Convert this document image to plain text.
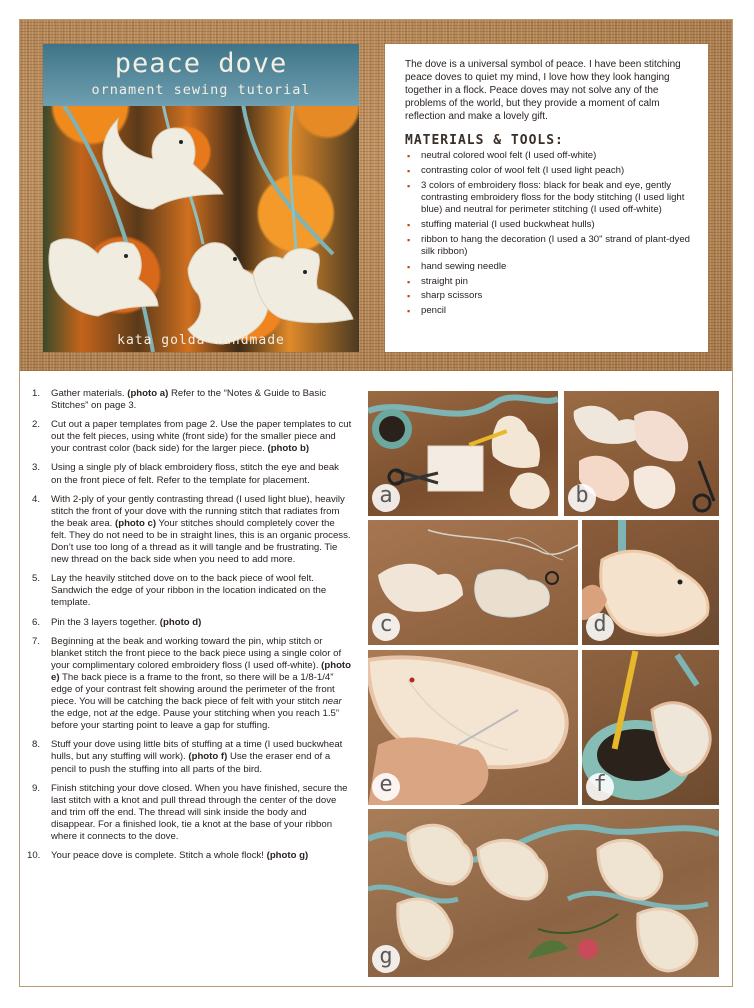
peace dove
ornament sewing tutorial
kata golda handmade

The dove is a universal symbol of peace. I have been stitching peace doves to quiet my mind, I love how they look hanging together in a flock. Peace doves may not solve any of the problems of the world, but they provide a moment of calm reflection and make a lovely gift.

MATERIALS & TOOLS:
▪ neutral colored wool felt (I used off-white)
▪ contrasting color of wool felt (I used light peach)
▪ 3 colors of embroidery floss: black for beak and eye, gently contrasting embroidery floss for the body stitching (I used light blue) and neutral for perimeter stitching (I used off-white)
▪ stuffing material (I used buckwheat hulls)
▪ ribbon to hang the decoration (I used a 30" strand of plant-dyed silk ribbon)
▪ hand sewing needle
▪ straight pin
▪ sharp scissors
▪ pencil
1. Gather materials. (photo a) Refer to the “Notes & Guide to Basic Stitches” on page 3.
2. Cut out a paper templates from page 2. Use the paper templates to cut out the felt pieces, using white (front side) for the smaller piece and your contrast color (back side) for the larger piece. (photo b)
3. Using a single ply of black embroidery floss, stitch the eye and beak on the front piece of felt. Refer to the template for placement.
4. With 2-ply of your gently contrasting thread (I used light blue), heavily stitch the front of your dove with the running stitch that radiates from the beak area. (photo c) Your stitches should completely cover the felt. They do not need to be in straight lines, this is an organic process. Don’t use too long of a thread as it will tangle and be frustrating. Tie new thread on the back side when you need to add more.
5. Lay the heavily stitched dove on to the back piece of wool felt. Sandwich the edge of your ribbon in the location indicated on the template.
6. Pin the 3 layers together. (photo d)
7. Beginning at the beak and working toward the pin, whip stitch or blanket stitch the front piece to the back piece using a single color of your complimentary colored embroidery floss (I used off-white). (photo e) The back piece is a frame to the front, so there will be a 1/8-1/4” edge of your contrast felt showing around the perimeter of the front piece. You will be catching the back piece of felt with your stitch near the edge, not at the edge. Pause your stitching when you reach 1.5” before your starting point to leave a gap for stuffing.
8. Stuff your dove using little bits of stuffing at a time (I used buckwheat hulls, but any stuffing will work). (photo f) Use the eraser end of a pencil to push the stuffing into all parts of the bird.
9. Finish stitching your dove closed. When you have finished, secure the last stitch with a knot and pull thread through the center of the dove and trim off the end. The thread will sink inside the body and disappear. For a finished look, tie a knot at the base of your ribbon where it connects to the dove.
10. Your peace dove is complete. Stitch a whole flock! (photo g)
a	b
c	d
e	f
g
